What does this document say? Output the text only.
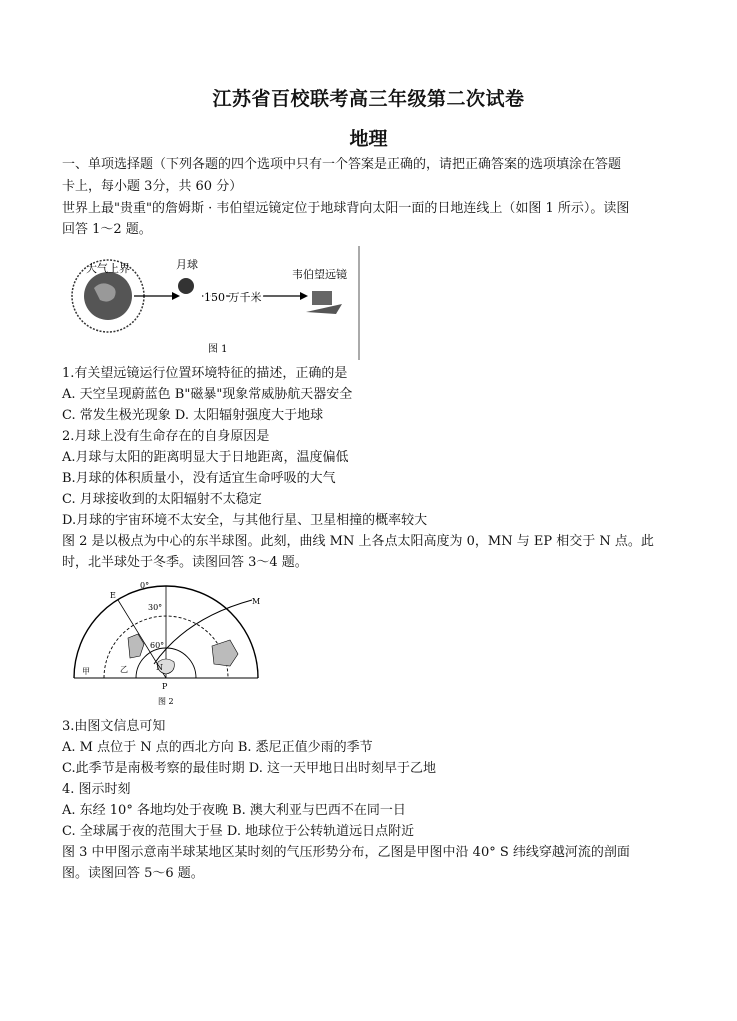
江苏省百校联考高三年级第二次试卷
地理
一、单项选择题（下列各题的四个选项中只有一个答案是正确的，请把正确答案的选项填涂在答题
卡上，每小题 3分，共 60 分）
世界上最"贵重"的詹姆斯 · 韦伯望远镜定位于地球背向太阳一面的日地连线上（如图 1 所示）。读图
回答 1～2 题。
大气上界	月球
150 万千米
韦伯望远镜
图 1
1.有关望远镜运行位置环境特征的描述，正确的是
A. 天空呈现蔚蓝色 B"磁暴"现象常威胁航天器安全
C. 常发生极光现象 D. 太阳辐射强度大于地球
2.月球上没有生命存在的自身原因是
A.月球与太阳的距离明显大于日地距离，温度偏低
B.月球的体积质量小，没有适宜生命呼吸的大气
C. 月球接收到的太阳辐射不太稳定
D.月球的宇宙环境不太安全，与其他行星、卫星相撞的概率较大
图 2 是以极点为中心的东半球图。此刻，曲线 MN 上各点太阳高度为 0，MN 与 EP 相交于 N 点。此
时，北半球处于冬季。读图回答 3～4 题。
0°
30°
60°
E
M
N
P
甲	乙
图 2
3.由图文信息可知
A. M 点位于 N 点的西北方向 B. 悉尼正值少雨的季节
C.此季节是南极考察的最佳时期 D. 这一天甲地日出时刻早于乙地
4. 图示时刻
A. 东经 10° 各地均处于夜晚 B. 澳大利亚与巴西不在同一日
C. 全球属于夜的范围大于昼 D. 地球位于公转轨道远日点附近
图 3 中甲图示意南半球某地区某时刻的气压形势分布，乙图是甲图中沿 40° S 纬线穿越河流的剖面
图。读图回答 5～6 题。
